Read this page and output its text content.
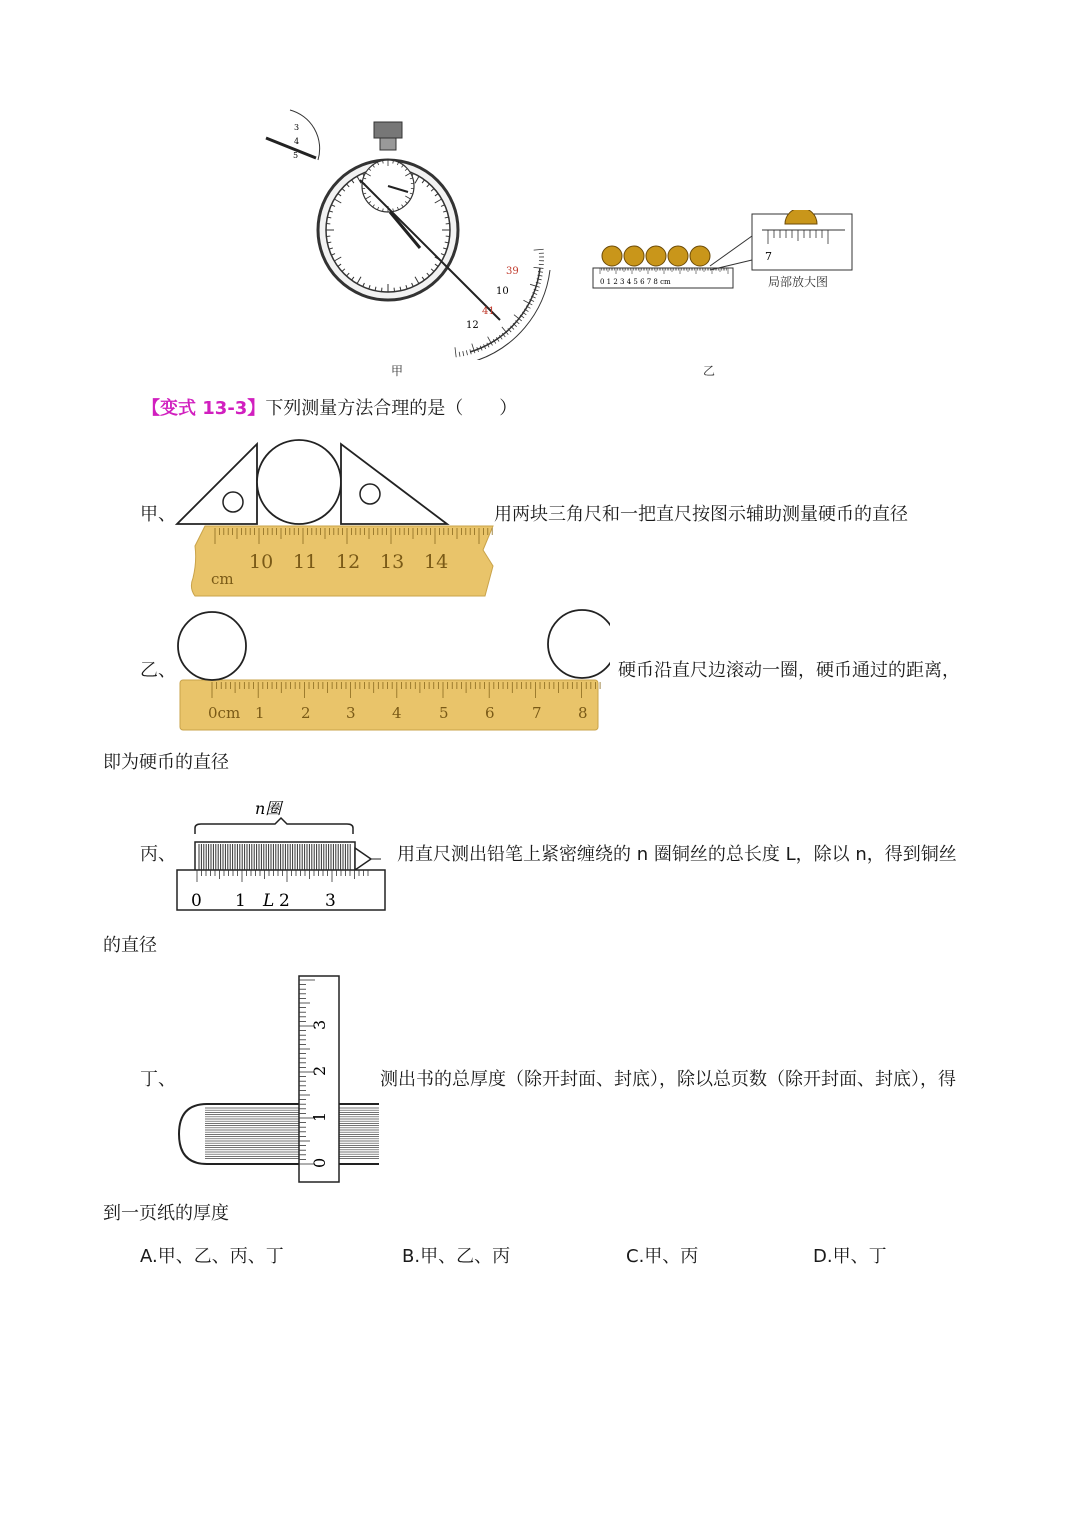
3
4
5
39
10
41
12
甲
0 1 2 3 4 5 6 7 8 cm
7
局部放大图
乙
【变式 13-3】下列测量方法合理的是（　　）
甲、
10 11 12 13 14
cm
用两块三角尺和一把直尺按图示辅助测量硬币的直径
乙、
0cm 1 2 3 4 5 6 7 8
硬币沿直尺边滚动一圈，硬币通过的距离，
即为硬币的直径
丙、
n圈
0 1 L 2 3
用直尺测出铅笔上紧密缠绕的 n 圈铜丝的总长度 L，除以 n，得到铜丝
的直径
丁、
3
2
1
0
测出书的总厚度（除开封面、封底），除以总页数（除开封面、封底），得
到一页纸的厚度
A.甲、乙、丙、丁	B.甲、乙、丙	C.甲、丙	D.甲、丁
